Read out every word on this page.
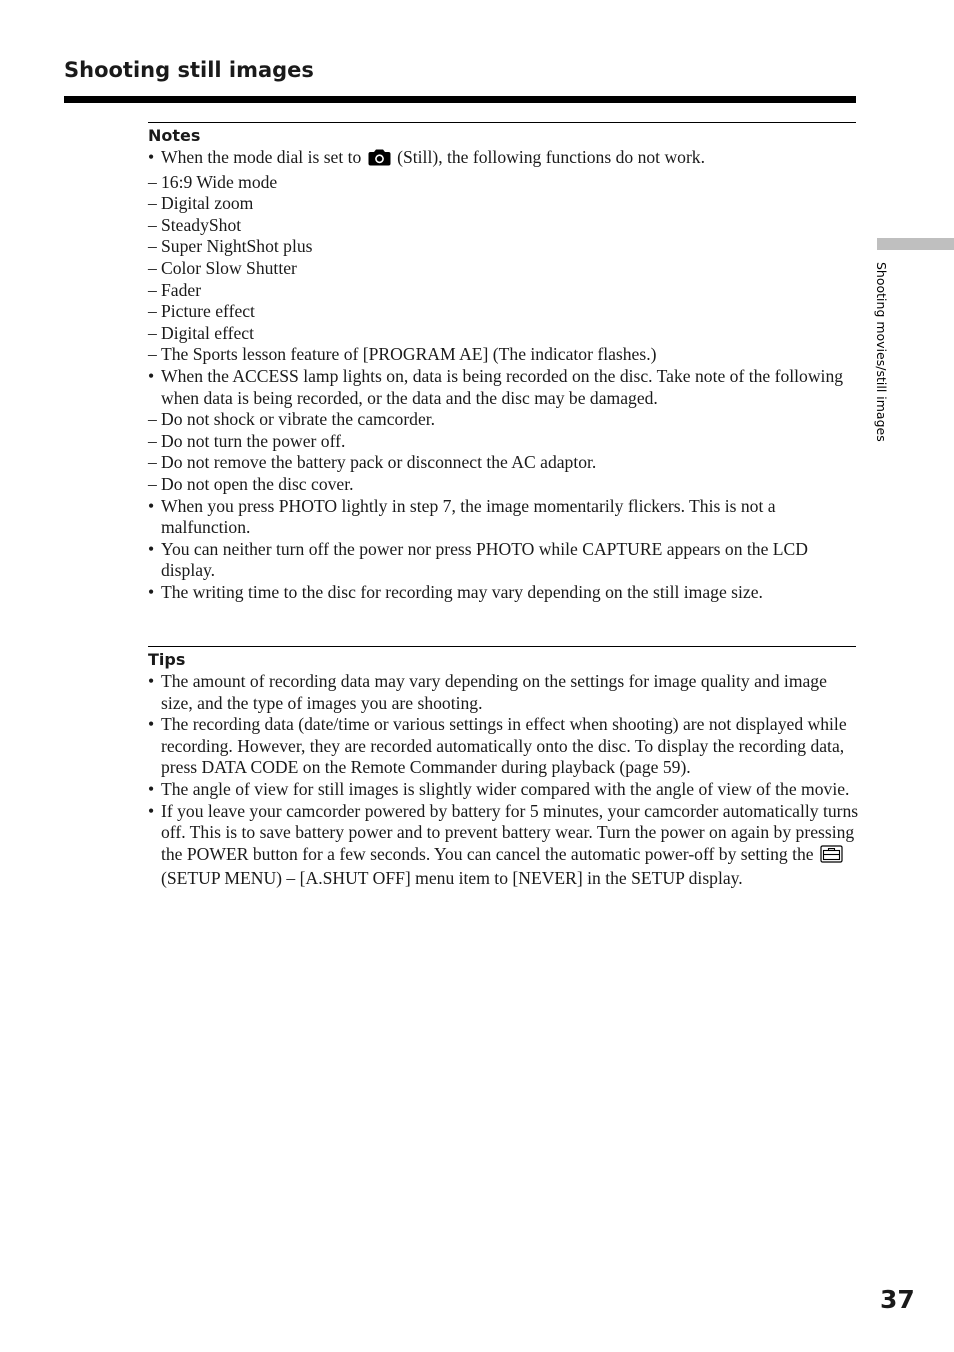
Shooting still images
Shooting movies/still images
Notes
• When the mode dial is set to (Still), the following functions do not work.
– 16:9 Wide mode
– Digital zoom
– SteadyShot
– Super NightShot plus
– Color Slow Shutter
– Fader
– Picture effect
– Digital effect
– The Sports lesson feature of [PROGRAM AE] (The indicator flashes.)
• When the ACCESS lamp lights on, data is being recorded on the disc. Take note of the following when data is being recorded, or the data and the disc may be damaged.
– Do not shock or vibrate the camcorder.
– Do not turn the power off.
– Do not remove the battery pack or disconnect the AC adaptor.
– Do not open the disc cover.
• When you press PHOTO lightly in step 7, the image momentarily flickers. This is not a malfunction.
• You can neither turn off the power nor press PHOTO while CAPTURE appears on the LCD display.
• The writing time to the disc for recording may vary depending on the still image size.
Tips
• The amount of recording data may vary depending on the settings for image quality and image size, and the type of images you are shooting.
• The recording data (date/time or various settings in effect when shooting) are not displayed while recording. However, they are recorded automatically onto the disc. To display the recording data, press DATA CODE on the Remote Commander during playback (page 59).
• The angle of view for still images is slightly wider compared with the angle of view of the movie.
• If you leave your camcorder powered by battery for 5 minutes, your camcorder automatically turns off. This is to save battery power and to prevent battery wear. Turn the power on again by pressing the POWER button for a few seconds. You can cancel the automatic power-off by setting the  (SETUP MENU) – [A.SHUT OFF] menu item to [NEVER] in the SETUP display.
37
